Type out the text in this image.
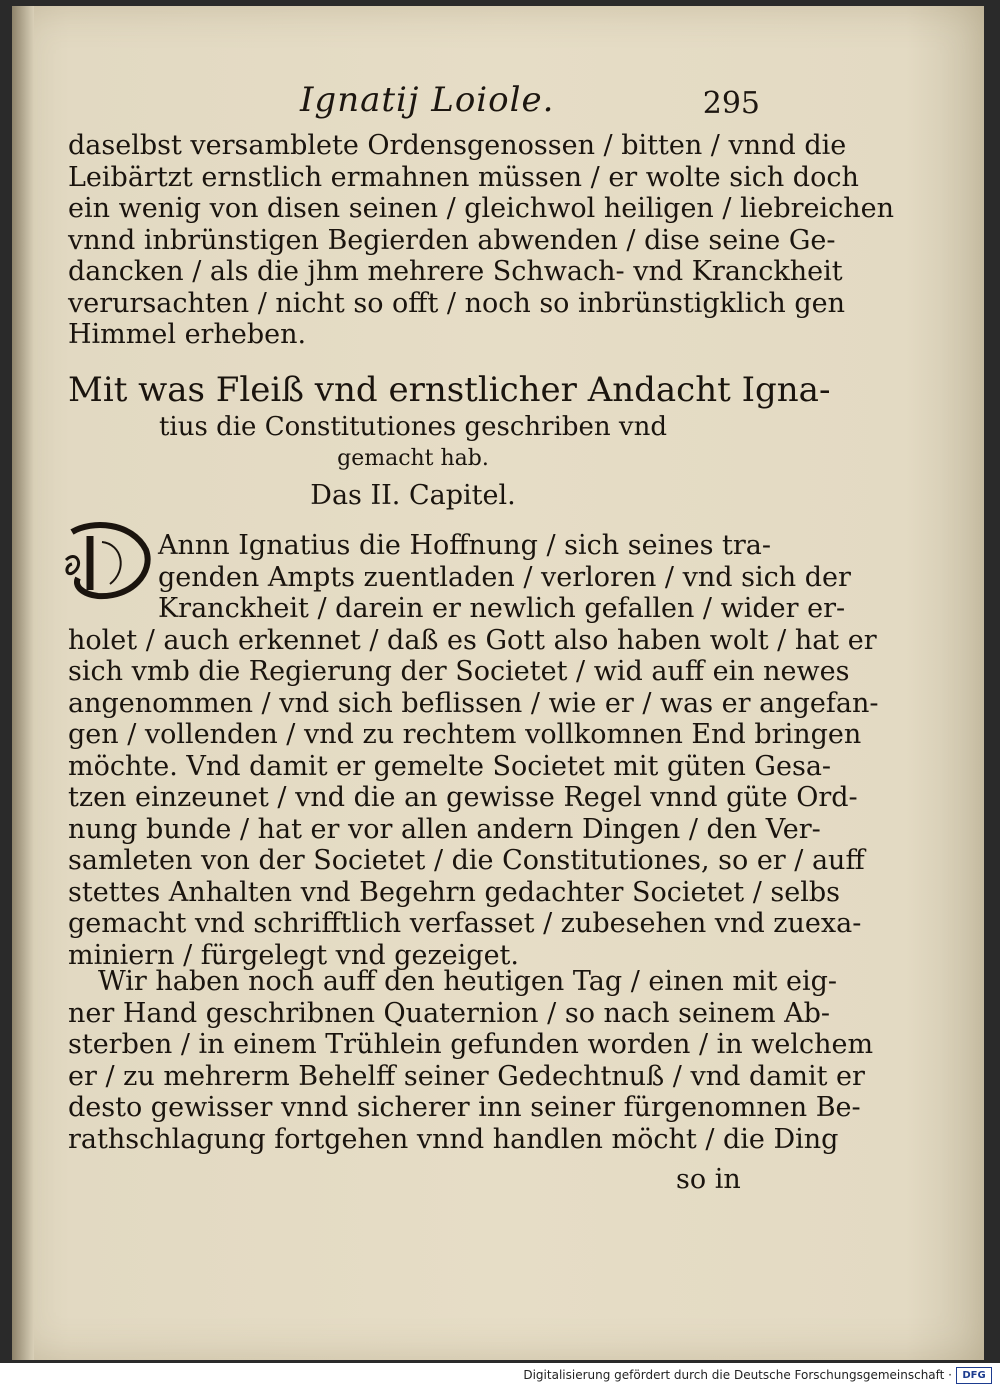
Ignatij Loiole.	295
daselbst versamblete Ordensgenossen / bitten / vnnd die
Leibärtzt ernstlich ermahnen müssen / er wolte sich doch
ein wenig von disen seinen / gleichwol heiligen / liebreichen
vnnd inbrünstigen Begierden abwenden / dise seine Ge-
dancken / als die jhm mehrere Schwach- vnd Kranckheit
verursachten / nicht so offt / noch so inbrünstigklich gen
Himmel erheben.
Mit was Fleiß vnd ernstlicher Andacht Igna-
tius die Constitutiones geschriben vnd
gemacht hab.
Das II. Capitel.
Annn Ignatius die Hoffnung / sich seines tra-
genden Ampts zuentladen / verloren / vnd sich der
Kranckheit / darein er newlich gefallen / wider er-
holet / auch erkennet / daß es Gott also haben wolt / hat er
sich vmb die Regierung der Societet / wid auff ein newes
angenommen / vnd sich beflissen / wie er / was er angefan-
gen / vollenden / vnd zu rechtem vollkomnen End bringen
möchte. Vnd damit er gemelte Societet mit güten Gesa-
tzen einzeunet / vnd die an gewisse Regel vnnd güte Ord-
nung bunde / hat er vor allen andern Dingen / den Ver-
samleten von der Societet / die Constitutiones, so er / auff
stettes Anhalten vnd Begehrn gedachter Societet / selbs
gemacht vnd schrifftlich verfasset / zubesehen vnd zuexa-
miniern / fürgelegt vnd gezeiget.
Wir haben noch auff den heutigen Tag / einen mit eig-
ner Hand geschribnen Quaternion / so nach seinem Ab-
sterben / in einem Trühlein gefunden worden / in welchem
er / zu mehrerm Behelff seiner Gedechtnuß / vnd damit er
desto gewisser vnnd sicherer inn seiner fürgenomnen Be-
rathschlagung fortgehen vnnd handlen möcht / die Ding
so in
Digitalisierung gefördert durch die Deutsche Forschungsgemeinschaft ·	DFG
